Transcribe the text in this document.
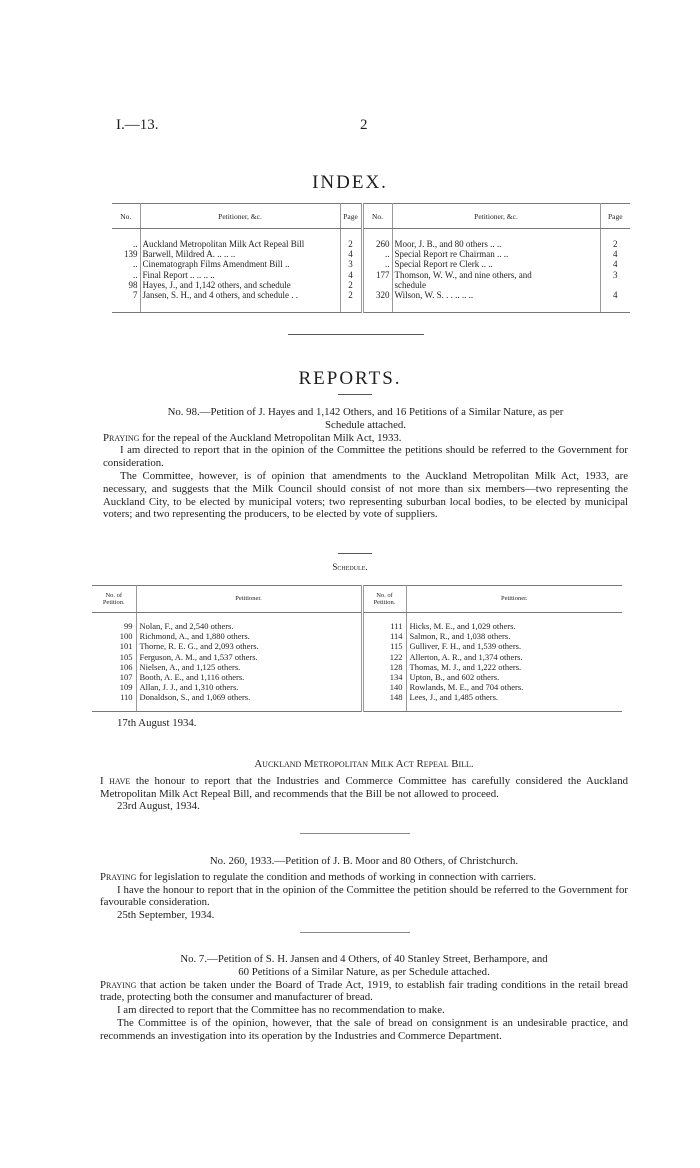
I.—13.	2
INDEX.
No.	Petitioner, &c.	Page	No.	Petitioner, &c.	Page

..	Auckland Metropolitan Milk Act Repeal Bill	2	260	Moor, J. B., and 80 others .. ..	2
139	Barwell, Mildred A. .. .. ..	4	..	Special Report re Chairman .. ..	4
..	Cinematograph Films Amendment Bill ..	3	..	Special Report re Clerk .. ..	4
..	Final Report .. .. .. ..	4	177	Thomson, W. W., and nine others, and	3
98	Hayes, J., and 1,142 others, and schedule	2		schedule	
7	Jansen, S. H., and 4 others, and schedule . .	2	320	Wilson, W. S. . . .. .. ..	4

REPORTS.

No. 98.—Petition of J. Hayes and 1,142 Others, and 16 Petitions of a Similar Nature, as per

Schedule attached.

Praying for the repeal of the Auckland Metropolitan Milk Act, 1933.

I am directed to report that in the opinion of the Committee the petitions should be referred to the Government for consideration.

The Committee, however, is of opinion that amendments to the Auckland Metropolitan Milk Act, 1933, are necessary, and suggests that the Milk Council should consist of not more than six members—two representing the Auckland City, to be elected by municipal voters; two representing suburban local bodies, to be elected by municipal voters; and two representing the producers, to be elected by vote of suppliers.

Schedule.
No. of
Petition.	Petitioner.	No. of
Petition.	Petitioner.

99	Nolan, F., and 2,540 others.	111	Hicks, M. E., and 1,029 others.
100	Richmond, A., and 1,880 others.	114	Salmon, R., and 1,038 others.
101	Thorne, R. E. G., and 2,093 others.	115	Gulliver, F. H., and 1,539 others.
105	Ferguson, A. M., and 1,537 others.	122	Allerton, A. R., and 1,374 others.
106	Nielsen, A., and 1,125 others.	128	Thomas, M. J., and 1,222 others.
107	Booth, A. E., and 1,116 others.	134	Upton, B., and 602 others.
109	Allan, J. J., and 1,310 others.	140	Rowlands, M. E., and 704 others.
110	Donaldson, S., and 1,069 others.	148	Lees, J., and 1,485 others.

17th August 1934.

Auckland Metropolitan Milk Act Repeal Bill.

I have the honour to report that the Industries and Commerce Committee has carefully considered the Auckland Metropolitan Milk Act Repeal Bill, and recommends that the Bill be not allowed to proceed.

23rd August, 1934.

No. 260, 1933.—Petition of J. B. Moor and 80 Others, of Christchurch.

Praying for legislation to regulate the condition and methods of working in connection with carriers.

I have the honour to report that in the opinion of the Committee the petition should be referred to the Government for favourable consideration.

25th September, 1934.

No. 7.—Petition of S. H. Jansen and 4 Others, of 40 Stanley Street, Berhampore, and

60 Petitions of a Similar Nature, as per Schedule attached.

Praying that action be taken under the Board of Trade Act, 1919, to establish fair trading conditions in the retail bread trade, protecting both the consumer and manufacturer of bread.

I am directed to report that the Committee has no recommendation to make.

The Committee is of the opinion, however, that the sale of bread on consignment is an undesirable practice, and recommends an investigation into its operation by the Industries and Commerce Department.
